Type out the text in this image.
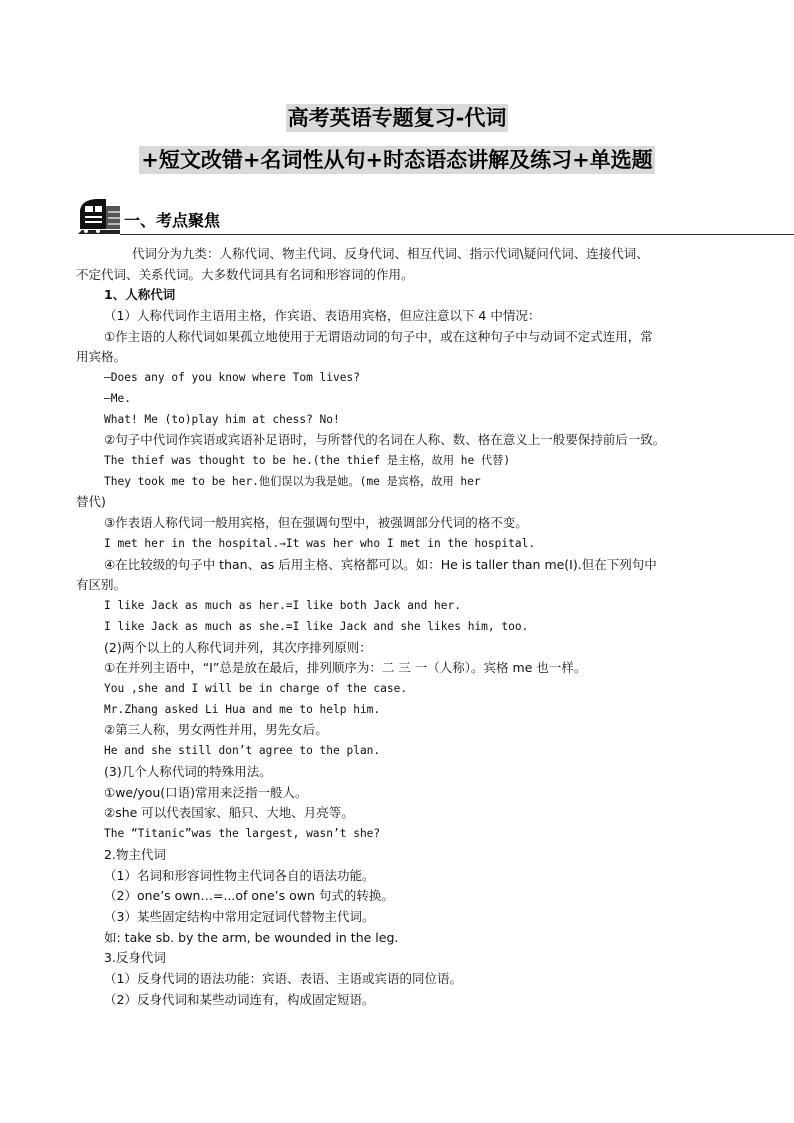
高考英语专题复习-代词
+短文改错+名词性从句+时态语态讲解及练习+单选题
一、考点聚焦
代词分为九类：人称代词、物主代词、反身代词、相互代词、指示代词\疑问代词、连接代词、
不定代词、关系代词。大多数代词具有名词和形容词的作用。
1、人称代词
（1）人称代词作主语用主格，作宾语、表语用宾格，但应注意以下 4 中情况：
①作主语的人称代词如果孤立地使用于无谓语动词的句子中，或在这种句子中与动词不定式连用，常
用宾格。
—Does any of you know where Tom lives?
—Me.
What! Me (to)play him at chess? No!
②句子中代词作宾语或宾语补足语时，与所替代的名词在人称、数、格在意义上一般要保持前后一致。
The thief was thought to be he.(the thief 是主格，故用 he 代替)
They took me to be her.他们误以为我是她。(me 是宾格，故用 her
替代)
③作表语人称代词一般用宾格，但在强调句型中，被强调部分代词的格不变。
I met her in the hospital.→It was her who I met in the hospital.
④在比较级的句子中 than、as 后用主格、宾格都可以。如：He is taller than me(I).但在下列句中
有区别。
I like Jack as much as her.=I like both Jack and her.
I like Jack as much as she.=I like Jack and she likes him, too.
(2)两个以上的人称代词并列，其次序排列原则：
①在并列主语中，“I”总是放在最后，排列顺序为：二 三 一（人称）。宾格 me 也一样。
You ,she and I will be in charge of the case.
Mr.Zhang asked Li Hua and me to help him.
②第三人称，男女两性并用，男先女后。
He and she still don’t agree to the plan.
(3)几个人称代词的特殊用法。
①we/you(口语)常用来泛指一般人。
②she 可以代表国家、船只、大地、月亮等。
The “Titanic”was the largest, wasn’t she?
2.物主代词
（1）名词和形容词性物主代词各自的语法功能。
（2）one’s own…=...of one’s own 句式的转换。
（3）某些固定结构中常用定冠词代替物主代词。
如: take sb. by the arm, be wounded in the leg.
3.反身代词
（1）反身代词的语法功能：宾语、表语、主语或宾语的同位语。
（2）反身代词和某些动词连有，构成固定短语。
